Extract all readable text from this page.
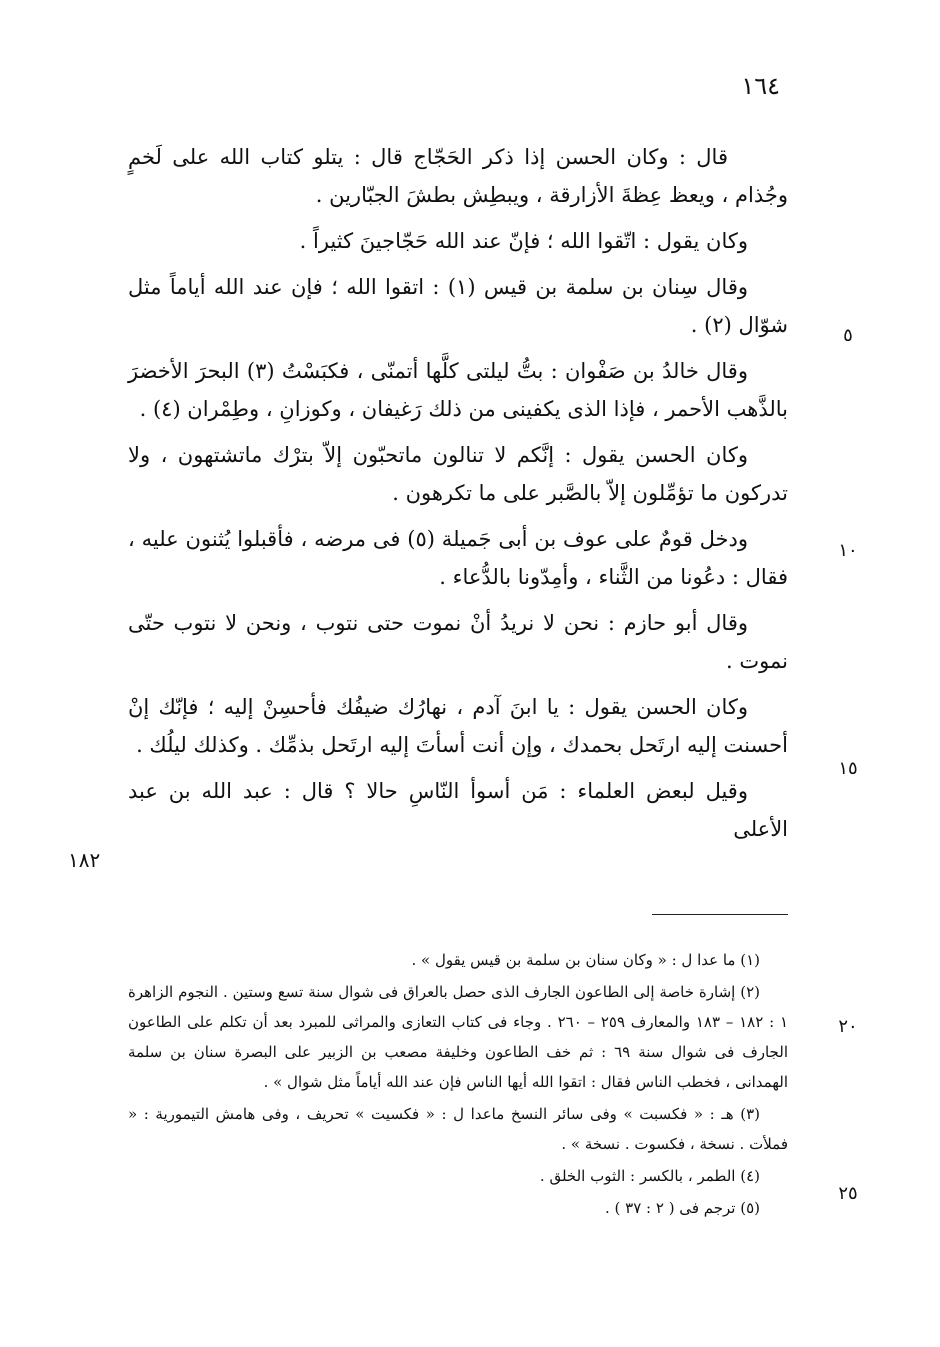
١٦٤

قال : وكان الحسن إذا ذكر الحَجّاج قال : يتلو كتاب الله على لَخمٍ وجُذام ، ويعظ عِظةَ الأزارقة ، ويبطِش بطشَ الجبّارين .

وكان يقول : اتّقوا الله ؛ فإنّ عند الله حَجّاجينَ كثيراً .

وقال سِنان بن سلمة بن قيس (١) : اتقوا الله ؛ فإن عند الله أياماً مثل شوّال (٢) .

وقال خالدُ بن صَفْوان : بتُّ ليلتى كلَّها أتمنّى ، فكبَسْتُ (٣) البحرَ الأخضرَ بالذَّهب الأحمر ، فإذا الذى يكفينى من ذلك رَغيفان ، وكوزانِ ، وطِمْران (٤) .

وكان الحسن يقول : إنَّكم لا تنالون ماتحبّون إلاّ بترْك ماتشتهون ، ولا تدركون ما تؤمِّلون إلاّ بالصَّبر على ما تكرهون .

ودخل قومٌ على عوف بن أبى جَميلة (٥) فى مرضه ، فأقبلوا يُثنون عليه ، فقال : دعُونا من الثَّناء ، وأمِدّونا بالدُّعاء .

وقال أبو حازم : نحن لا نريدُ أنْ نموت حتى نتوب ، ونحن لا نتوب حتّى نموت .

وكان الحسن يقول : يا ابنَ آدم ، نهارُك ضيفُك فأحسِنْ إليه ؛ فإنّك إنْ أحسنت إليه ارتَحل بحمدك ، وإن أنت أسأتَ إليه ارتَحل بذمِّك . وكذلك ليلُك .

وقيل لبعض العلماء : مَن أسوأ النّاسِ حالا ؟ قال : عبد الله بن عبد الأعلى

٥
١٠
١٥
٢٠
٢٥
١٨٢

(١) ما عدا ل : « وكان سنان بن سلمة بن قيس يقول » .

(٢) إشارة خاصة إلى الطاعون الجارف الذى حصل بالعراق فى شوال سنة تسع وستين . النجوم الزاهرة ١ : ١٨٢ – ١٨٣ والمعارف ٢٥٩ – ٢٦٠ . وجاء فى كتاب التعازى والمراثى للمبرد بعد أن تكلم على الطاعون الجارف فى شوال سنة ٦٩ : ثم خف الطاعون وخليفة مصعب بن الزبير على البصرة سنان بن سلمة الهمدانى ، فخطب الناس فقال : اتقوا الله أيها الناس فإن عند الله أياماً مثل شوال » .

(٣) هـ : « فكسبت » وفى سائر النسخ ماعدا ل : « فكسيت » تحريف ، وفى هامش التيمورية : « فملأت . نسخة ، فكسوت . نسخة » .

(٤) الطمر ، بالكسر : الثوب الخلق .

(٥) ترجم فى ( ٢ : ٣٧ ) .
